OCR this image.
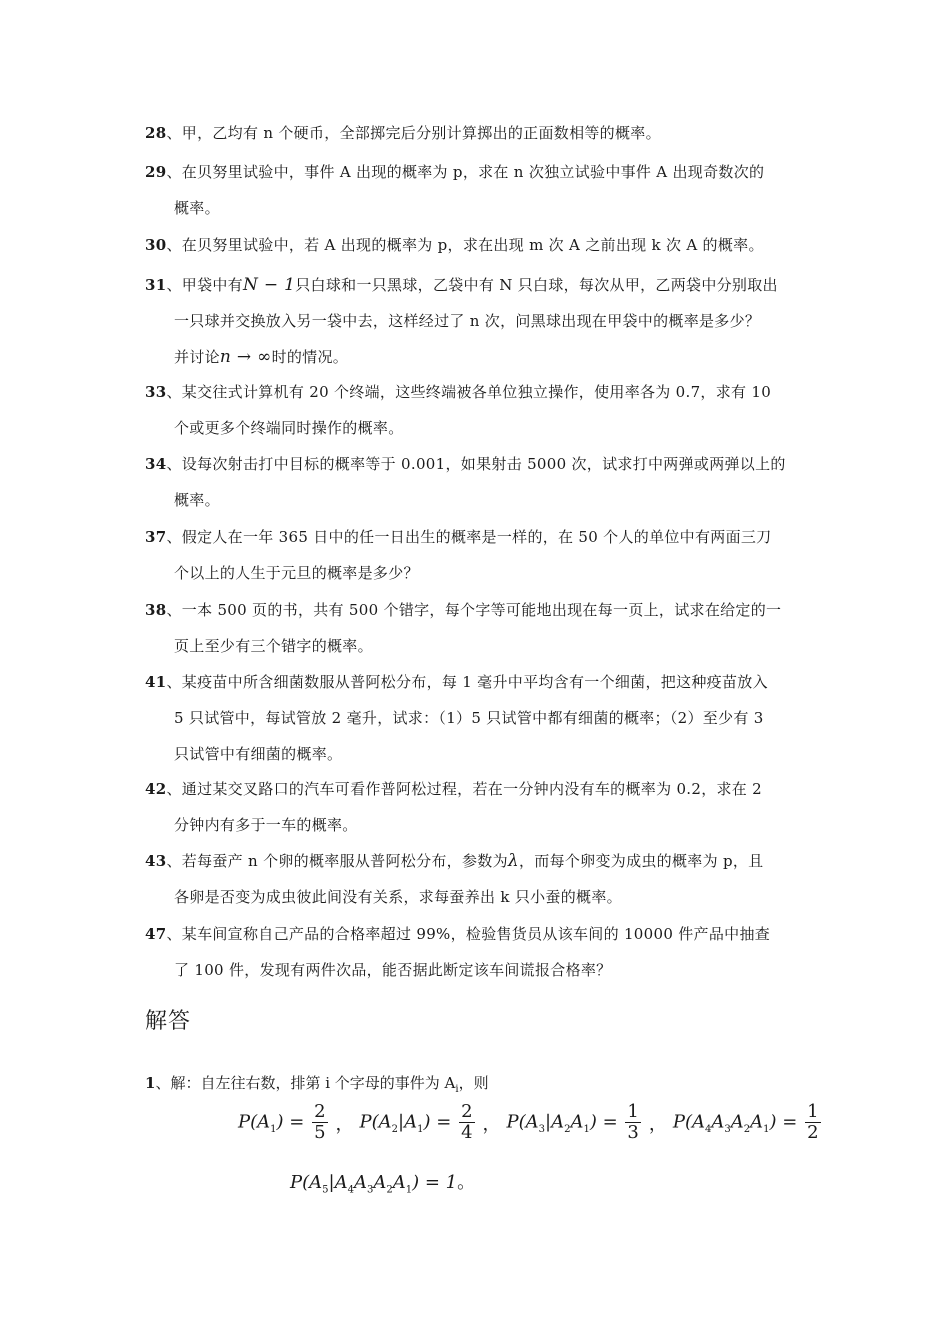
28、甲，乙均有 n 个硬币，全部掷完后分别计算掷出的正面数相等的概率。
29、在贝努里试验中，事件 A 出现的概率为 p，求在 n 次独立试验中事件 A 出现奇数次的
概率。
30、在贝努里试验中，若 A 出现的概率为 p，求在出现 m 次 A 之前出现 k 次 A 的概率。
31、甲袋中有N − 1只白球和一只黑球，乙袋中有 N 只白球，每次从甲，乙两袋中分别取出
一只球并交换放入另一袋中去，这样经过了 n 次，问黑球出现在甲袋中的概率是多少？
并讨论n → ∞时的情况。
33、某交往式计算机有 20 个终端，这些终端被各单位独立操作，使用率各为 0.7，求有 10
个或更多个终端同时操作的概率。
34、设每次射击打中目标的概率等于 0.001，如果射击 5000 次，试求打中两弹或两弹以上的
概率。
37、假定人在一年 365 日中的任一日出生的概率是一样的，在 50 个人的单位中有两面三刀
个以上的人生于元旦的概率是多少？
38、一本 500 页的书，共有 500 个错字，每个字等可能地出现在每一页上，试求在给定的一
页上至少有三个错字的概率。
41、某疫苗中所含细菌数服从普阿松分布，每 1 毫升中平均含有一个细菌，把这种疫苗放入
5 只试管中，每试管放 2 毫升，试求：（1）5 只试管中都有细菌的概率；（2）至少有 3
只试管中有细菌的概率。
42、通过某交叉路口的汽车可看作普阿松过程，若在一分钟内没有车的概率为 0.2，求在 2
分钟内有多于一车的概率。
43、若每蚕产 n 个卵的概率服从普阿松分布，参数为λ，而每个卵变为成虫的概率为 p，且
各卵是否变为成虫彼此间没有关系，求每蚕养出 k 只小蚕的概率。
47、某车间宣称自己产品的合格率超过 99%，检验售货员从该车间的 10000 件产品中抽查
了 100 件，发现有两件次品，能否据此断定该车间谎报合格率？
解答
1、解：自左往右数，排第 i 个字母的事件为 $A_i$，则
$P(A_1) = \frac{2}{5}$ ， $P(A_2|A_1) = \frac{2}{4}$ ， $P(A_3|A_2A_1) = \frac{1}{3}$ ， $P(A_4A_3A_2A_1) = \frac{1}{2}$
$P(A_5|A_4A_3A_2A_1) = 1$。
